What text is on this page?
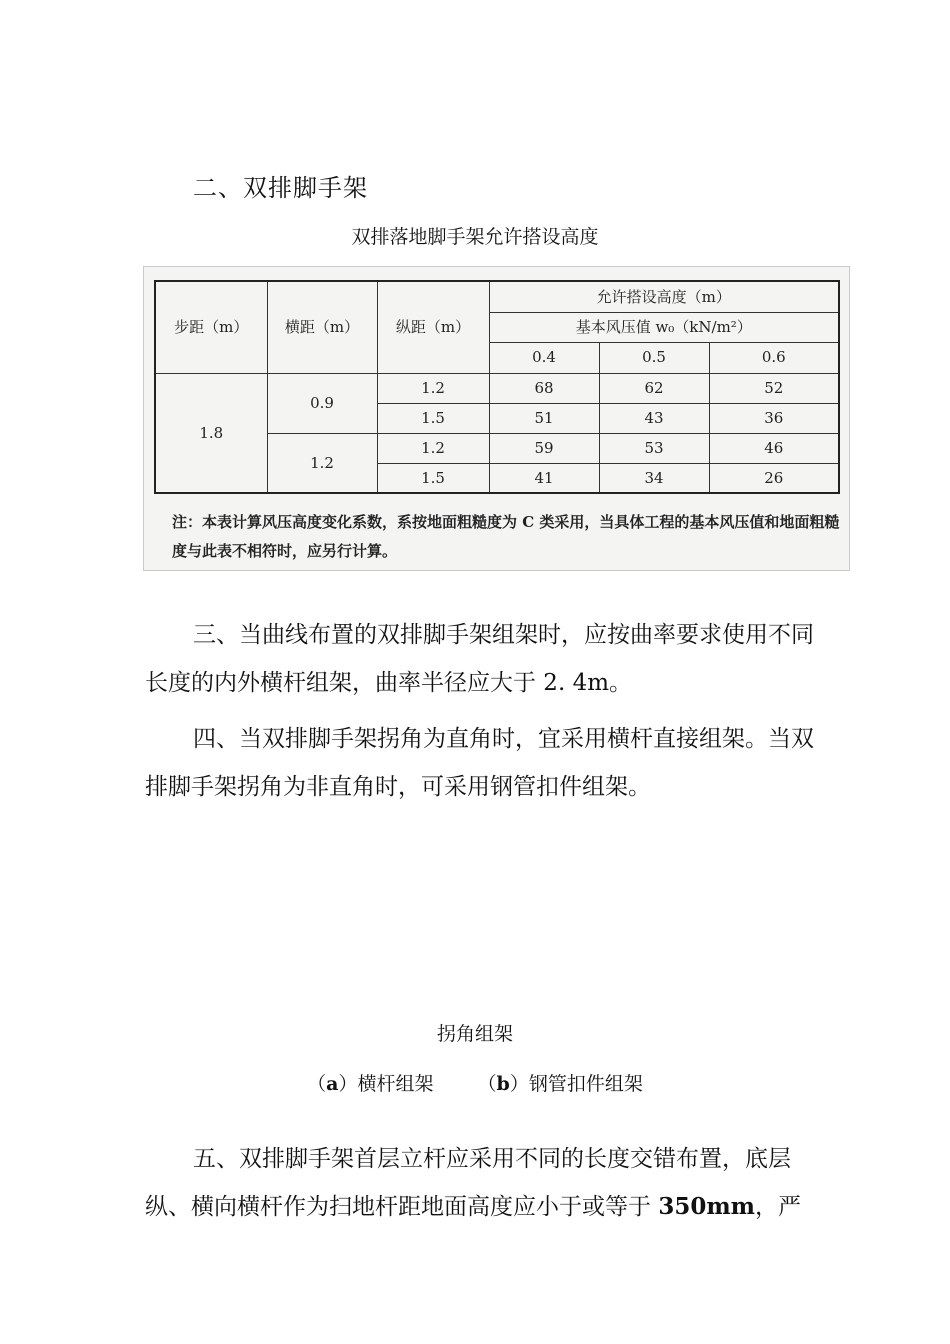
二、双排脚手架
双排落地脚手架允许搭设高度
步距（m）	横距（m）	纵距（m）	允许搭设高度（m）		
			基本风压值 w₀（kN/m²）		
			0.4	0.5	0.6
1.8	0.9	1.2	68	62	52
		1.5	51	43	36
	1.2	1.2	59	53	46
		1.5	41	34	26
注：本表计算风压高度变化系数，系按地面粗糙度为 C 类采用，当具体工程的基本风压值和地面粗糙度与此表不相符时，应另行计算。
三、当曲线布置的双排脚手架组架时，应按曲率要求使用不同长度的内外横杆组架，曲率半径应大于 2. 4m。
四、当双排脚手架拐角为直角时，宜采用横杆直接组架。当双排脚手架拐角为非直角时，可采用钢管扣件组架。
拐角组架
（a）横杆组架 （b）钢管扣件组架
五、双排脚手架首层立杆应采用不同的长度交错布置，底层纵、横向横杆作为扫地杆距地面高度应小于或等于 350mm，严
